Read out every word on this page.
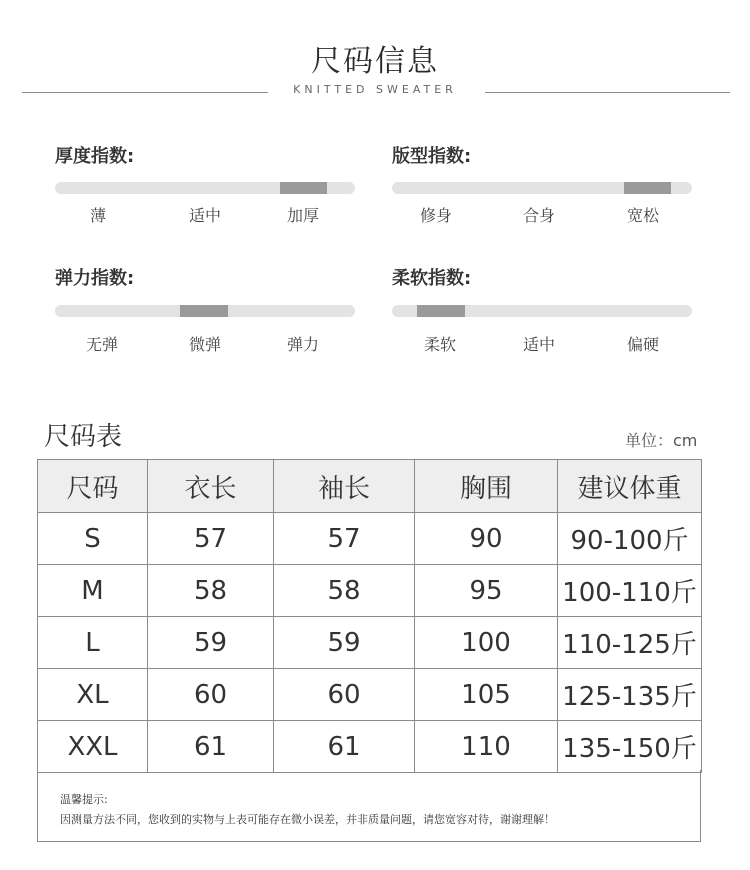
尺码信息
KNITTED SWEATER
厚度指数:
薄	适中	加厚
版型指数:
修身	合身	宽松
弹力指数:
无弹	微弹	弹力
柔软指数:
柔软	适中	偏硬
尺码表	单位：cm
尺码	衣长	袖长	胸围	建议体重
S	57	57	90	90-100斤
M	58	58	95	100-110斤
L	59	59	100	110-125斤
XL	60	60	105	125-135斤
XXL	61	61	110	135-150斤
温馨提示:
因测量方法不同，您收到的实物与上表可能存在微小误差，并非质量问题，请您宽容对待，谢谢理解！
